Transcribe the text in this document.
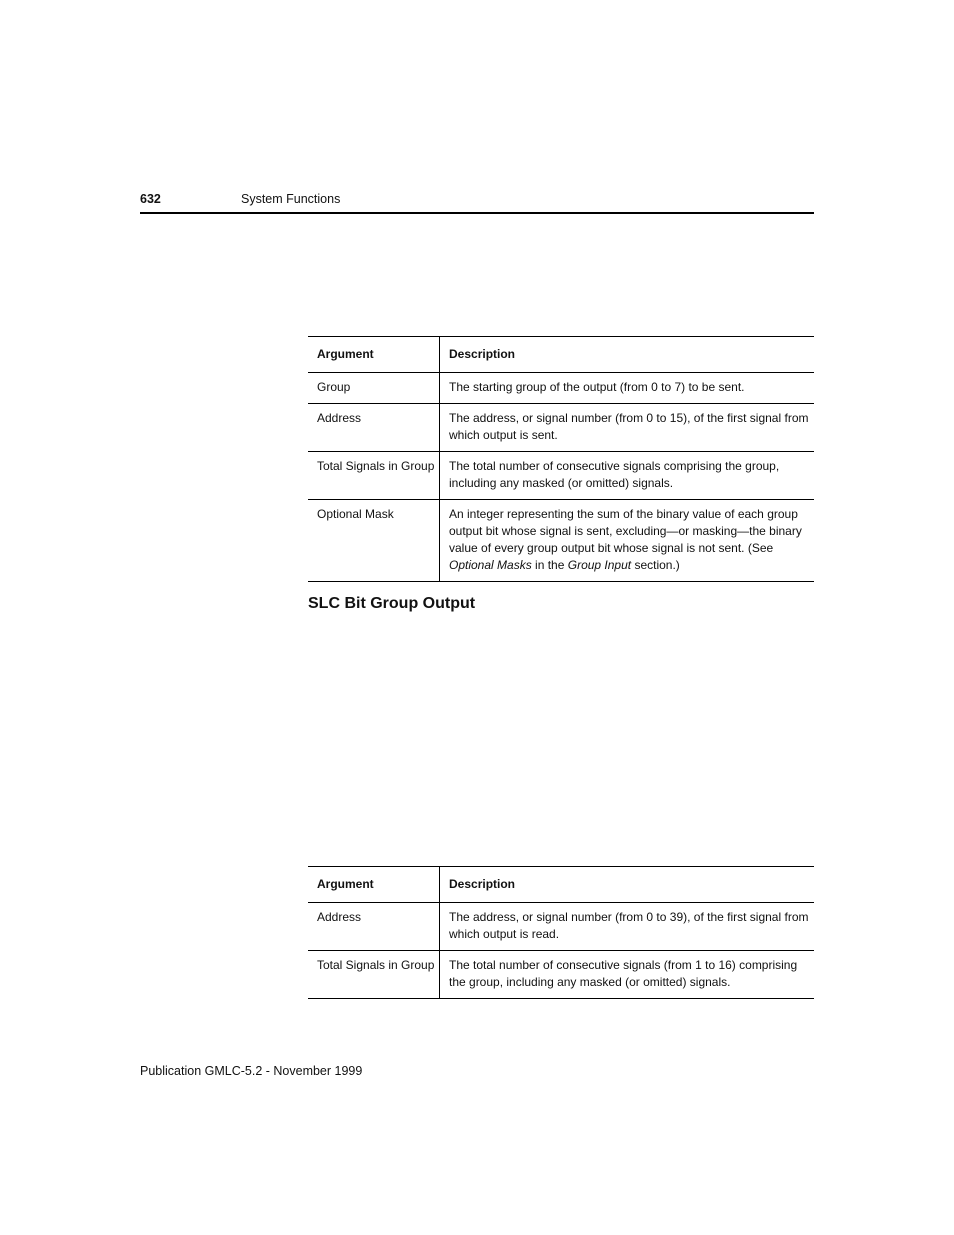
632	System Functions
Argument	Description
Group	The starting group of the output (from 0 to 7) to be sent.
Address	The address, or signal number (from 0 to 15), of the first signal from which output is sent.
Total Signals in Group	The total number of consecutive signals comprising the group, including any masked (or omitted) signals.
Optional Mask	An integer representing the sum of the binary value of each group output bit whose signal is sent, excluding—or masking—the binary value of every group output bit whose signal is not sent. (See Optional Masks in the Group Input section.)
SLC Bit Group Output
Argument	Description
Address	The address, or signal number (from 0 to 39), of the first signal from which output is read.
Total Signals in Group	The total number of consecutive signals (from 1 to 16) comprising the group, including any masked (or omitted) signals.
Publication GMLC-5.2 - November 1999
